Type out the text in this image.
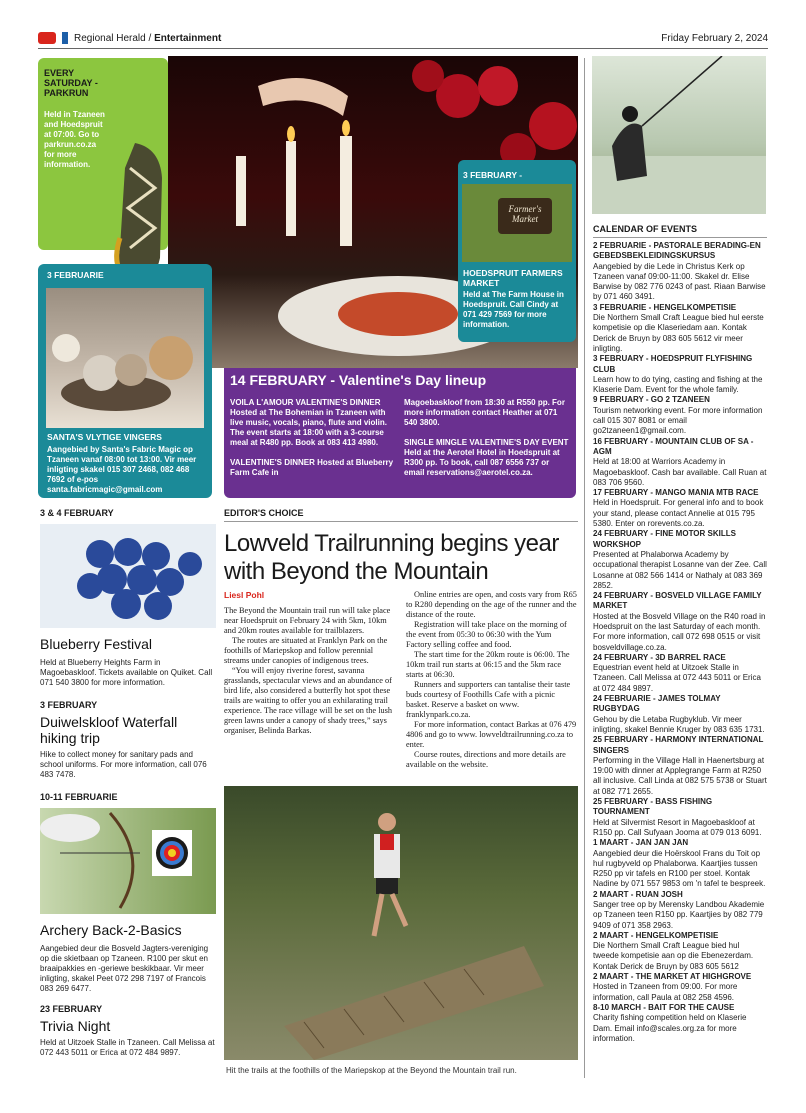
Regional Herald / Entertainment	Friday February 2, 2024
EVERY SATURDAY - PARKRUN
Held in Tzaneen and Hoedspruit at 07:00. Go to parkrun.co.za for more information.
3 FEBRUARIE
SANTA'S VLYTIGE VINGERS
Aangebied by Santa's Fabric Magic op Tzaneen vanaf 08:00 tot 13:00. Vir meer inligting skakel 015 307 2468, 082 468 7692 of e-pos santa.fabricmagic@gmail.com
3 FEBRUARY -
Farmer's Market
HOEDSPRUIT FARMERS MARKET
Held at The Farm House in Hoedspruit. Call Cindy at 071 429 7569 for more information.
14 FEBRUARY - Valentine's Day lineup
VOILA L'AMOUR VALENTINE'S DINNER Hosted at The Bohemian in Tzaneen with live music, vocals, piano, flute and violin. The event starts at 18:00 with a 3-course meal at R480 pp. Book at 083 413 4980.
VALENTINE'S DINNER Hosted at Blueberry Farm Cafe in
Magoebaskloof from 18:30 at R550 pp. For more information contact Heather at 071 540 3800.
SINGLE MINGLE VALENTINE'S DAY EVENT Held at the Aerotel Hotel in Hoedspruit at R300 pp. To book, call 087 6556 737 or email reservations@aerotel.co.za.
3 & 4 FEBRUARY
Blueberry Festival
Held at Blueberry Heights Farm in Magoebaskloof. Tickets available on Quiket. Call 071 540 3800 for more information.
3 FEBRUARY
Duiwelskloof Waterfall hiking trip
Hike to collect money for sanitary pads and school uniforms. For more information, call 076 483 7478.
10-11 FEBRUARIE
Archery Back-2-Basics
Aangebied deur die Bosveld Jagters-vereniging op die skietbaan op Tzaneen. R100 per skut en braaipakkies en -geriewe beskikbaar. Vir meer inligting, skakel Peet 072 298 7197 of Francois 083 269 6477.
23 FEBRUARY
Trivia Night
Held at Uitzoek Stalle in Tzaneen. Call Melissa at 072 443 5011 or Erica at 072 484 9897.
EDITOR'S CHOICE
Lowveld Trailrunning begins year with Beyond the Mountain
Liesl Pohl

The Beyond the Mountain trail run will take place near Hoedspruit on February 24 with 5km, 10km and 20km routes available for trailblazers.

The routes are situated at Franklyn Park on the foothills of Mariepskop and follow perennial streams under canopies of indigenous trees.

“You will enjoy riverine forest, savanna grasslands, spectacular views and an abundance of bird life, also considered a butterfly hot spot these trails are waiting to offer you an exhilarating trail experience. The race village will be set on the lush green lawns under a canopy of shady trees,” says organiser, Belinda Barkas.

Online entries are open, and costs vary from R65 to R280 depending on the age of the runner and the distance of the route.

Registration will take place on the morning of the event from 05:30 to 06:30 with the Yum Factory selling coffee and food.

The start time for the 20km route is 06:00. The 10km trail run starts at 06:15 and the 5km race starts at 06:30.

Runners and supporters can tantalise their taste buds courtesy of Foothills Cafe with a picnic basket. Reserve a basket on www. franklynpark.co.za.

For more information, contact Barkas at 076 479 4806 and go to www. lowveldtrailrunning.co.za to enter.

Course routes, directions and more details are available on the website.

Hit the trails at the foothills of the Mariepskop at the Beyond the Mountain trail run.
CALENDAR OF EVENTS
2 FEBRUARIE - PASTORALE BERADING-EN GEBEDSBEKLEIDINGSKURSUS
Aangebied by die Lede in Christus Kerk op Tzaneen vanaf 09:00-11:00. Skakel dr. Elise Barwise by 082 776 0243 of past. Riaan Barwise by 071 460 3491.
3 FEBRUARIE - HENGELKOMPETISIE
Die Northern Small Craft League bied hul eerste kompetisie op die Klaseriedam aan. Kontak Derick de Bruyn by 083 605 5612 vir meer inligting.
3 FEBRUARY - HOEDSPRUIT FLYFISHING CLUB
Learn how to do tying, casting and fishing at the Klaserie Dam. Event for the whole family.
9 FEBRUARY - GO 2 TZANEEN
Tourism networking event. For more information call 015 307 8081 or email go2tzaneen1@gmail.com.
16 FEBRUARY - MOUNTAIN CLUB OF SA - AGM
Held at 18:00 at Warriors Academy in Magoebaskloof. Cash bar available. Call Ruan at 083 706 9560.
17 FEBRUARY - MANGO MANIA MTB RACE
Held in Hoedspruit. For general info and to book your stand, please contact Annelie at 015 795 5380. Enter on rorevents.co.za.
24 FEBRUARY - FINE MOTOR SKILLS WORKSHOP
Presented at Phalaborwa Academy by occupational therapist Losanne van der Zee. Call Losanne at 082 566 1414 or Nathaly at 083 369 2852.
24 FEBRUARY - BOSVELD VILLAGE FAMILY MARKET
Hosted at the Bosveld Village on the R40 road in Hoedspruit on the last Saturday of each month. For more information, call 072 698 0515 or visit bosveldvillage.co.za.
24 FEBRUARY - 3D BARREL RACE
Equestrian event held at Uitzoek Stalle in Tzaneen. Call Melissa at 072 443 5011 or Erica at 072 484 9897.
24 FEBRUARIE - JAMES TOLMAY RUGBYDAG
Gehou by die Letaba Rugbyklub. Vir meer inligting, skakel Bennie Kruger by 083 635 1731.
25 FEBRUARY - HARMONY INTERNATIONAL SINGERS
Performing in the Village Hall in Haenertsburg at 19:00 with dinner at Applegrange Farm at R250 all inclusive. Call Linda at 082 575 5738 or Stuart at 082 771 2655.
25 FEBRUARY - BASS FISHING TOURNAMENT
Held at Silvermist Resort in Magoebaskloof at R150 pp. Call Sufyaan Jooma at 079 013 6091.
1 MAART - JAN JAN JAN
Aangebied deur die Hoërskool Frans du Toit op hul rugbyveld op Phalaborwa. Kaartjies tussen R250 pp vir tafels en R100 per stoel. Kontak Nadine by 071 557 9853 om 'n tafel te bespreek.
2 MAART - RUAN JOSH
Sanger tree op by Merensky Landbou Akademie op Tzaneen teen R150 pp. Kaartjies by 082 779 9409 of 071 358 2963.
2 MAART - HENGELKOMPETISIE
Die Northern Small Craft League bied hul tweede kompetisie aan op die Ebenezerdam. Kontak Derick de Bruyn by 083 605 5612
2 MAART - THE MARKET AT HIGHGROVE
Hosted in Tzaneen from 09:00. For more information, call Paula at 082 258 4596.
8-10 MARCH - BAIT FOR THE CAUSE
Charity fishing competition held on Klaserie Dam. Email info@scales.org.za for more information.
